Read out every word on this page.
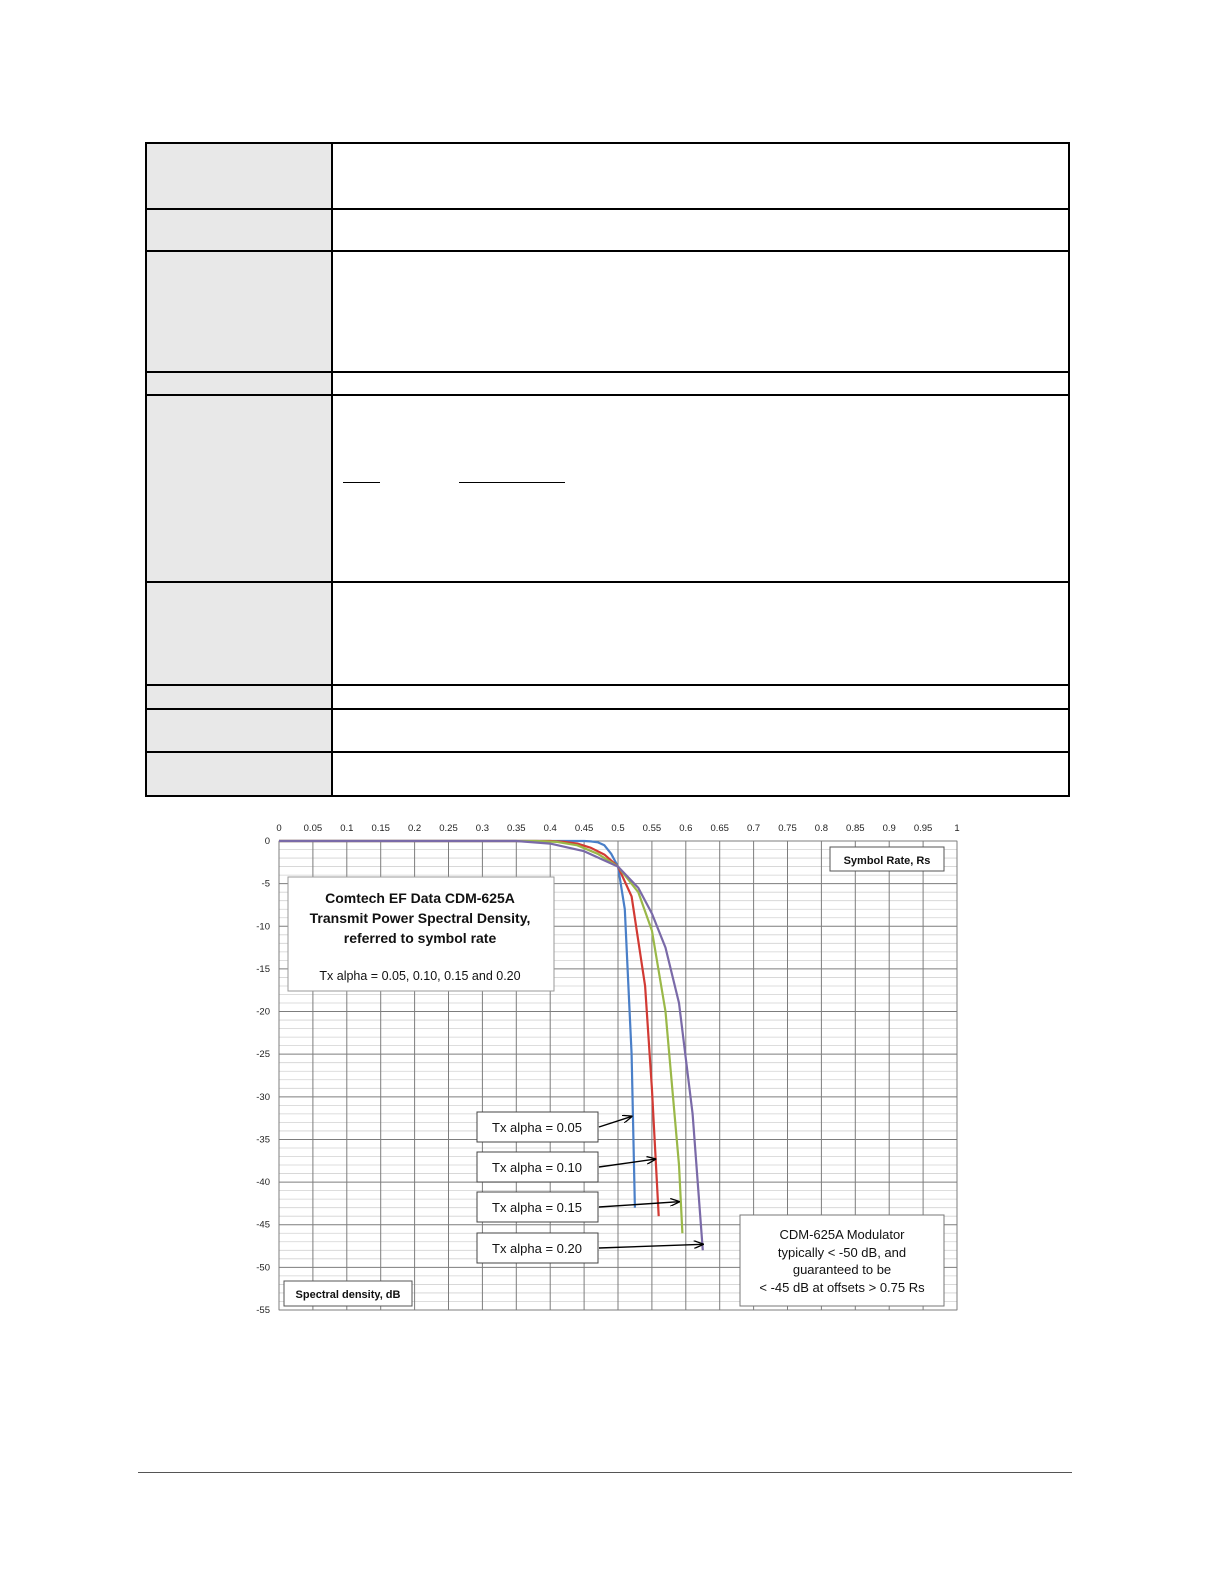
0 0.05 0.1 0.15 0.2 0.25 0.3 0.35 0.4 0.45 0.5 0.55 0.6 0.65 0.7 0.75 0.8 0.85 0.9 0.95 1
0
-5
-10
-15
-20
-25
-30
-35
-40
-45
-50
-55
Comtech EF Data CDM-625A
Transmit Power Spectral Density,
referred to symbol rate
Tx alpha = 0.05, 0.10, 0.15 and 0.20
Symbol Rate, Rs
Spectral density, dB
CDM-625A Modulator
typically < -50 dB, and
guaranteed to be
< -45 dB at offsets > 0.75 Rs
Tx alpha = 0.05
Tx alpha = 0.10
Tx alpha = 0.15
Tx alpha = 0.20
